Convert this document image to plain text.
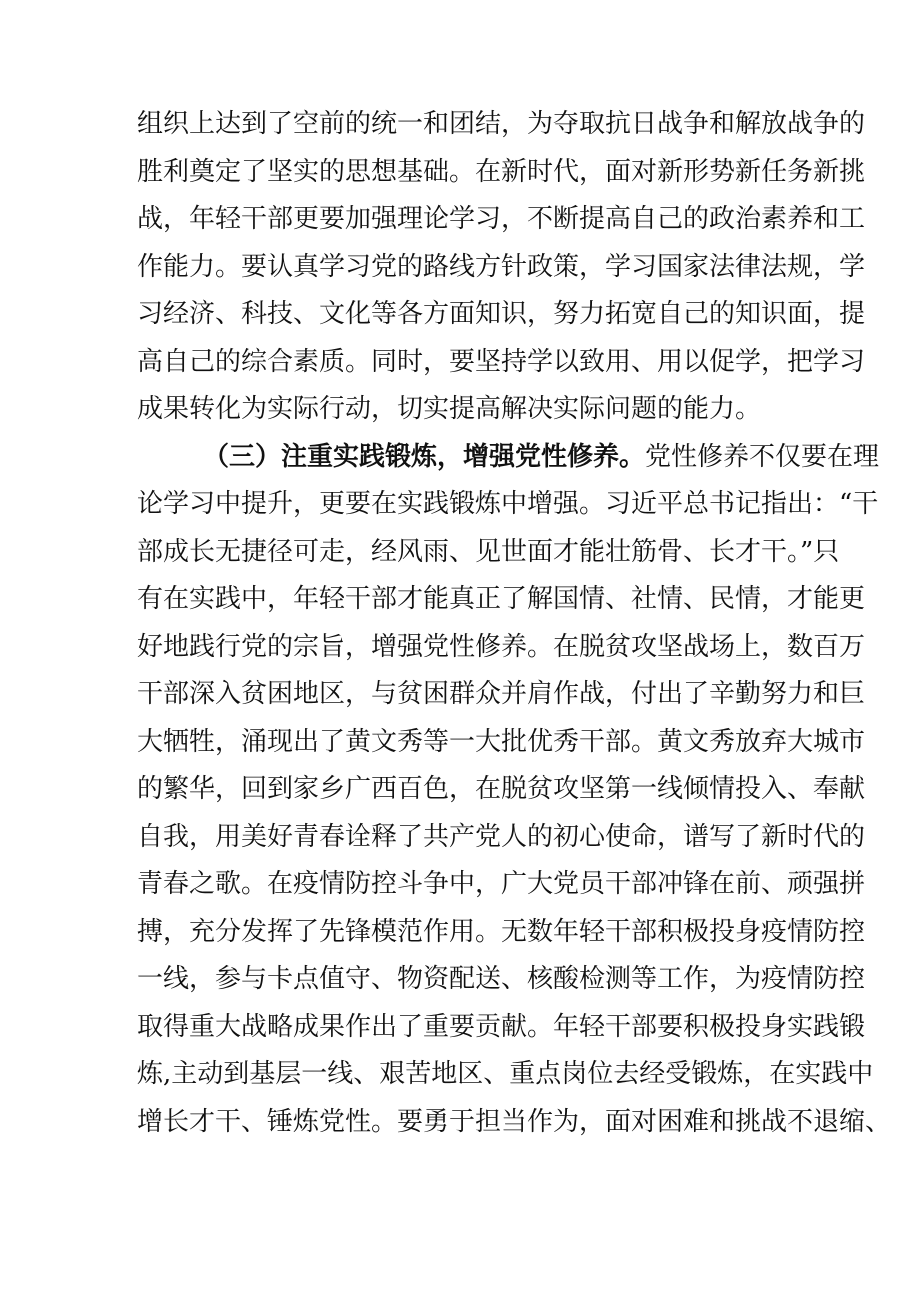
组织上达到了空前的统一和团结，为夺取抗日战争和解放战争的
胜利奠定了坚实的思想基础。在新时代，面对新形势新任务新挑
战，年轻干部更要加强理论学习，不断提高自己的政治素养和工
作能力。要认真学习党的路线方针政策，学习国家法律法规，学
习经济、科技、文化等各方面知识，努力拓宽自己的知识面，提
高自己的综合素质。同时，要坚持学以致用、用以促学，把学习
成果转化为实际行动，切实提高解决实际问题的能力。
（三）注重实践锻炼，增强党性修养。党性修养不仅要在理
论学习中提升，更要在实践锻炼中增强。习近平总书记指出：“干
部成长无捷径可走，经风雨、见世面才能壮筋骨、长才干。”只
有在实践中，年轻干部才能真正了解国情、社情、民情，才能更
好地践行党的宗旨，增强党性修养。在脱贫攻坚战场上，数百万
干部深入贫困地区，与贫困群众并肩作战，付出了辛勤努力和巨
大牺牲，涌现出了黄文秀等一大批优秀干部。黄文秀放弃大城市
的繁华，回到家乡广西百色，在脱贫攻坚第一线倾情投入、奉献
自我，用美好青春诠释了共产党人的初心使命，谱写了新时代的
青春之歌。在疫情防控斗争中，广大党员干部冲锋在前、顽强拼
搏，充分发挥了先锋模范作用。无数年轻干部积极投身疫情防控
一线，参与卡点值守、物资配送、核酸检测等工作，为疫情防控
取得重大战略成果作出了重要贡献。年轻干部要积极投身实践锻
炼,主动到基层一线、艰苦地区、重点岗位去经受锻炼，在实践中
增长才干、锤炼党性。要勇于担当作为，面对困难和挑战不退缩、
